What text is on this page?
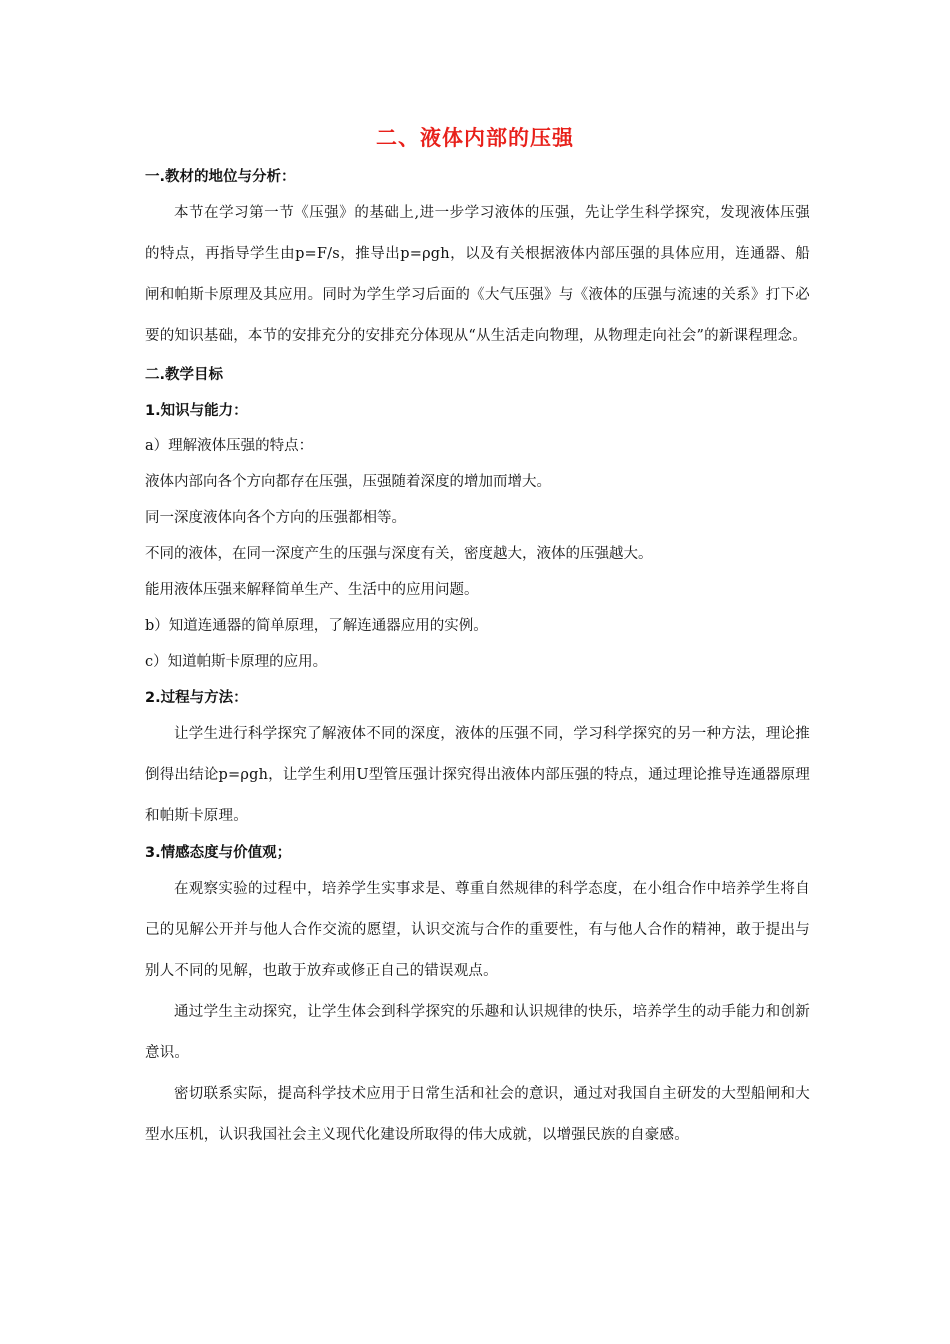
二、液体内部的压强
一.教材的地位与分析：
本节在学习第一节《压强》的基础上,进一步学习液体的压强，先让学生科学探究，发现液体压强的特点，再指导学生由p=F/s，推导出p=ρgh，以及有关根据液体内部压强的具体应用，连通器、船闸和帕斯卡原理及其应用。同时为学生学习后面的《大气压强》与《液体的压强与流速的关系》打下必要的知识基础，本节的安排充分的安排充分体现从“从生活走向物理，从物理走向社会”的新课程理念。
二.教学目标
1.知识与能力：
a）理解液体压强的特点：
液体内部向各个方向都存在压强，压强随着深度的增加而增大。
同一深度液体向各个方向的压强都相等。
不同的液体，在同一深度产生的压强与深度有关，密度越大，液体的压强越大。
能用液体压强来解释简单生产、生活中的应用问题。
b）知道连通器的简单原理，了解连通器应用的实例。
c）知道帕斯卡原理的应用。
2.过程与方法：
让学生进行科学探究了解液体不同的深度，液体的压强不同，学习科学探究的另一种方法，理论推倒得出结论p=ρgh，让学生利用U型管压强计探究得出液体内部压强的特点，通过理论推导连通器原理和帕斯卡原理。
3.情感态度与价值观；
在观察实验的过程中，培养学生实事求是、尊重自然规律的科学态度，在小组合作中培养学生将自己的见解公开并与他人合作交流的愿望，认识交流与合作的重要性，有与他人合作的精神，敢于提出与别人不同的见解，也敢于放弃或修正自己的错误观点。
通过学生主动探究，让学生体会到科学探究的乐趣和认识规律的快乐，培养学生的动手能力和创新意识。
密切联系实际，提高科学技术应用于日常生活和社会的意识，通过对我国自主研发的大型船闸和大型水压机，认识我国社会主义现代化建设所取得的伟大成就，以增强民族的自豪感。
